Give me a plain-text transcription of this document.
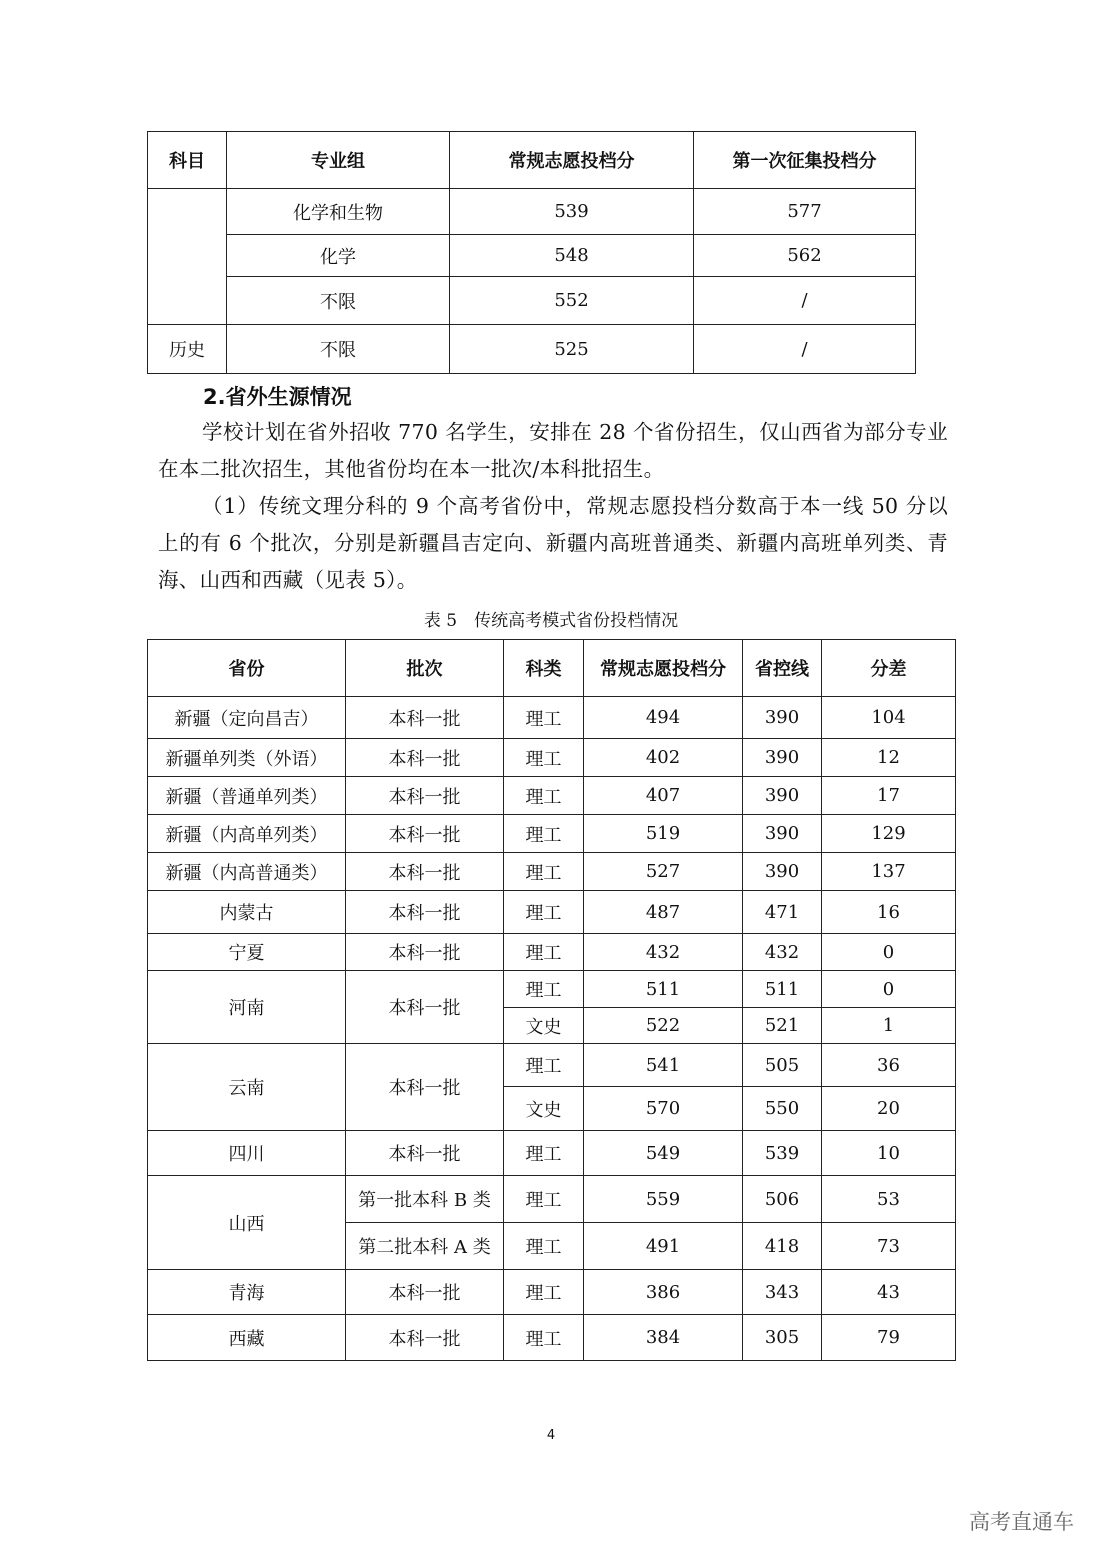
科目	专业组	常规志愿投档分	第一次征集投档分
	化学和生物	539	577
	化学	548	562
	不限	552	/
历史	不限	525	/
2.省外生源情况
学校计划在省外招收 770 名学生，安排在 28 个省份招生，仅山西省为部分专业在本二批次招生，其他省份均在本一批次/本科批招生。
（1）传统文理分科的 9 个高考省份中，常规志愿投档分数高于本一线 50 分以上的有 6 个批次，分别是新疆昌吉定向、新疆内高班普通类、新疆内高班单列类、青海、山西和西藏（见表 5）。
表 5　传统高考模式省份投档情况
省份	批次	科类	常规志愿投档分	省控线	分差
新疆（定向昌吉）	本科一批	理工	494	390	104
新疆单列类（外语）	本科一批	理工	402	390	12
新疆（普通单列类）	本科一批	理工	407	390	17
新疆（内高单列类）	本科一批	理工	519	390	129
新疆（内高普通类）	本科一批	理工	527	390	137
内蒙古	本科一批	理工	487	471	16
宁夏	本科一批	理工	432	432	0
河南	本科一批	理工	511	511	0
		文史	522	521	1
云南	本科一批	理工	541	505	36
		文史	570	550	20
四川	本科一批	理工	549	539	10
山西	第一批本科 B 类	理工	559	506	53
	第二批本科 A 类	理工	491	418	73
青海	本科一批	理工	386	343	43
西藏	本科一批	理工	384	305	79
4
高考直通车
